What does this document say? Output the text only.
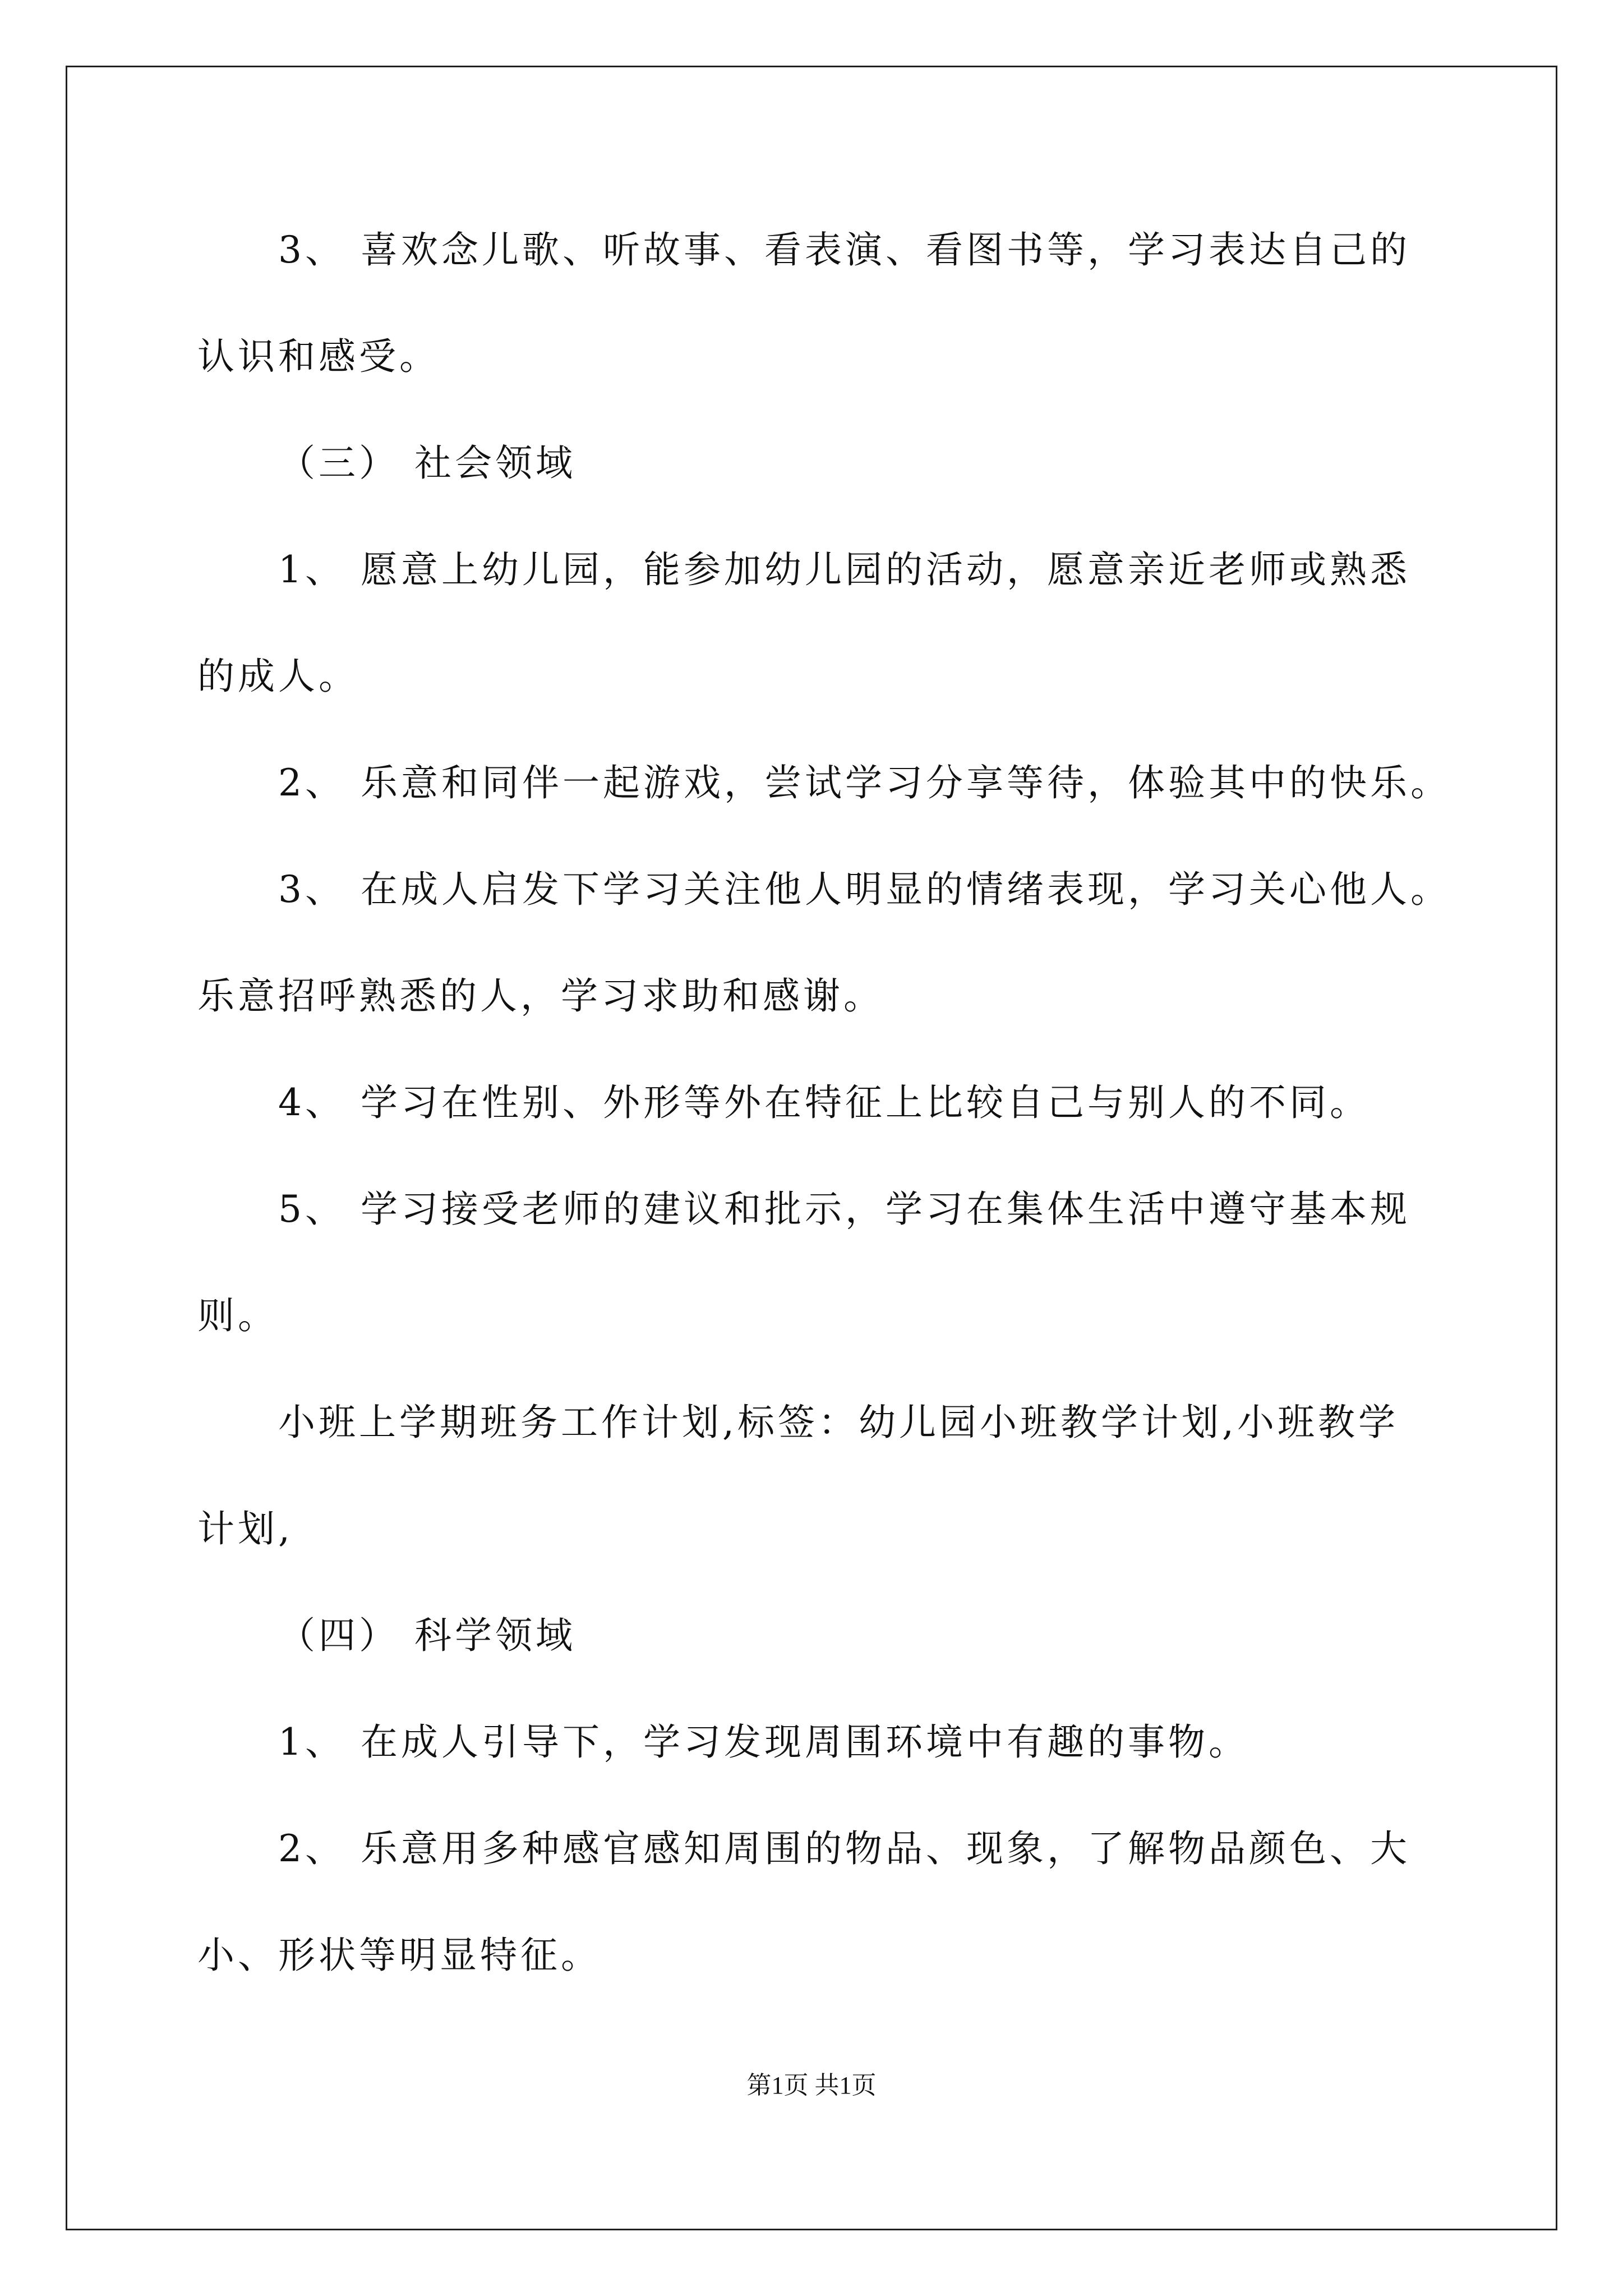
3、 喜欢念儿歌、听故事、看表演、看图书等，学习表达自己的
认识和感受。
（三） 社会领域
1、 愿意上幼儿园，能参加幼儿园的活动，愿意亲近老师或熟悉
的成人。
2、 乐意和同伴一起游戏，尝试学习分享等待，体验其中的快乐。
3、 在成人启发下学习关注他人明显的情绪表现，学习关心他人。
乐意招呼熟悉的人，学习求助和感谢。
4、 学习在性别、外形等外在特征上比较自己与别人的不同。
5、 学习接受老师的建议和批示，学习在集体生活中遵守基本规
则。
小班上学期班务工作计划,标签：幼儿园小班教学计划,小班教学
计划,
（四） 科学领域
1、 在成人引导下，学习发现周围环境中有趣的事物。
2、 乐意用多种感官感知周围的物品、现象，了解物品颜色、大
小、形状等明显特征。
第1页 共1页
